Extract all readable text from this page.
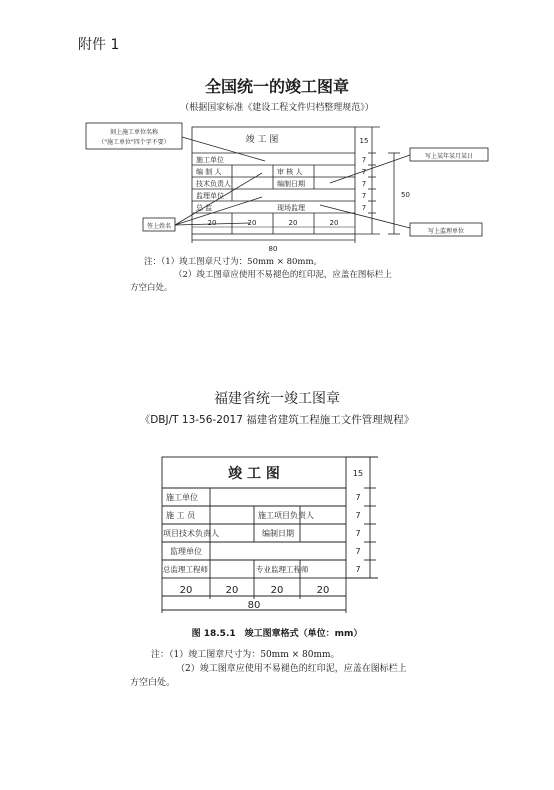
附件 1
全国统一的竣工图章
（根据国家标准《建设工程文件归档整理规范》）
竣 工 图
施工单位
编 制 人	审 核 人
技术负责人	编制日期
监理单位
总 监	现场监理
20	20	20	20
80
15
7
7
7
7
7
50
刻上施工单位名称
（"施工单位"四个字不要）
签上姓名
写上某年某月某日
写上监理单位
注：（1）竣工图章尺寸为：50mm × 80mm。
（2）竣工图章应使用不易褪色的红印泥，应盖在图标栏上
方空白处。
福建省统一竣工图章
《DBJ/T 13-56-2017 福建省建筑工程施工文件管理规程》
竣 工 图
施工单位
施 工 员	施工项目负责人
项目技术负责人	编制日期
监理单位
总监理工程师	专业监理工程师
20	20	20	20
80
15
7
7
7
7
7
图 18.5.1　竣工图章格式（单位：mm）
注：（1）竣工图章尺寸为：50mm × 80mm。
（2）竣工图章应使用不易褪色的红印泥，应盖在图标栏上
方空白处。
